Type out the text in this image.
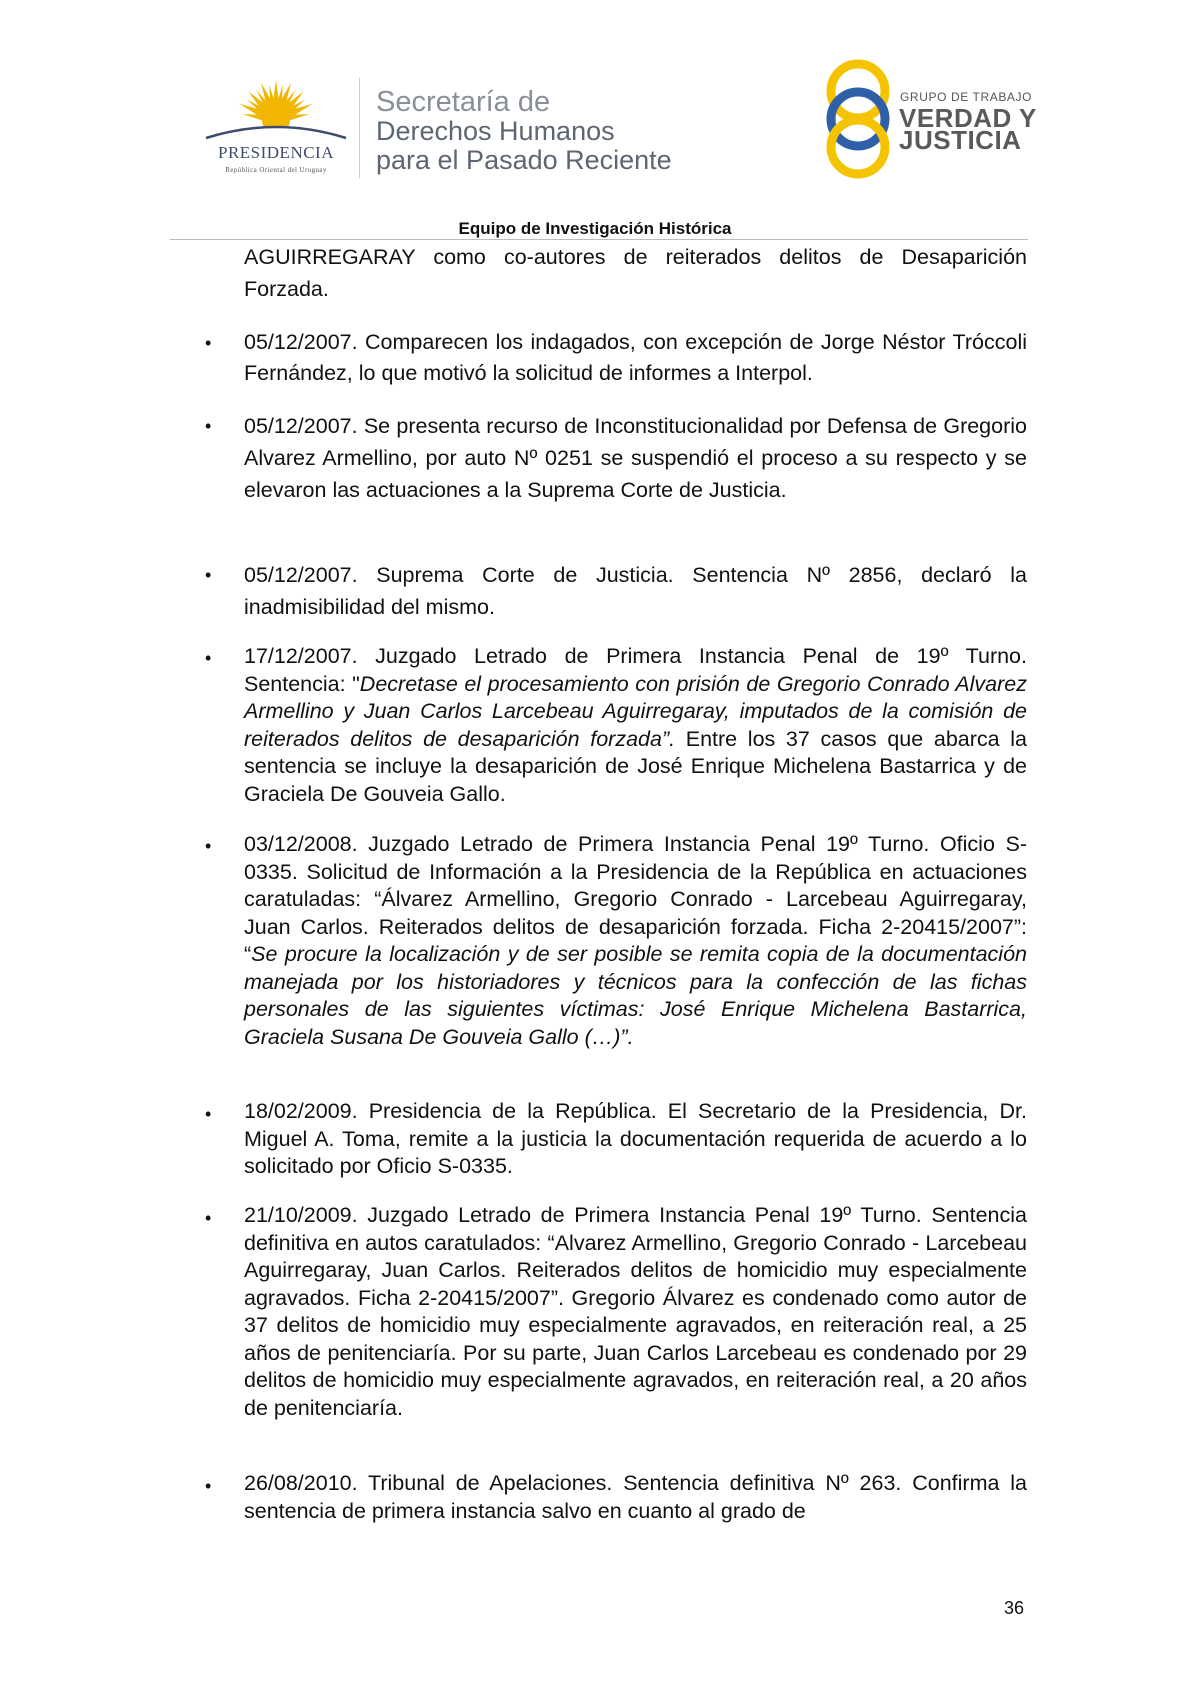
PRESIDENCIA
República Oriental del Uruguay
Secretaría de
Derechos Humanos
para el Pasado Reciente
GRUPO DE TRABAJO
VERDAD Y
JUSTICIA
Equipo de Investigación Histórica
AGUIRREGARAY como co-autores de reiterados delitos de Desaparición Forzada.
• 05/12/2007. Comparecen los indagados, con excepción de Jorge Néstor Tróccoli Fernández, lo que motivó la solicitud de informes a Interpol.
• 05/12/2007. Se presenta recurso de Inconstitucionalidad por Defensa de Gregorio Alvarez Armellino, por auto Nº 0251 se suspendió el proceso a su respecto y se elevaron las actuaciones a la Suprema Corte de Justicia.
• 05/12/2007. Suprema Corte de Justicia. Sentencia Nº 2856, declaró la inadmisibilidad del mismo.
• 17/12/2007. Juzgado Letrado de Primera Instancia Penal de 19º Turno. Sentencia: "Decretase el procesamiento con prisión de Gregorio Conrado Alvarez Armellino y Juan Carlos Larcebeau Aguirregaray, imputados de la comisión de reiterados delitos de desaparición forzada”. Entre los 37 casos que abarca la sentencia se incluye la desaparición de José Enrique Michelena Bastarrica y de Graciela De Gouveia Gallo.
• 03/12/2008. Juzgado Letrado de Primera Instancia Penal 19º Turno. Oficio S-0335. Solicitud de Información a la Presidencia de la República en actuaciones caratuladas: “Álvarez Armellino, Gregorio Conrado - Larcebeau Aguirregaray, Juan Carlos. Reiterados delitos de desaparición forzada. Ficha 2-20415/2007”: “Se procure la localización y de ser posible se remita copia de la documentación manejada por los historiadores y técnicos para la confección de las fichas personales de las siguientes víctimas: José Enrique Michelena Bastarrica, Graciela Susana De Gouveia Gallo (…)”.
• 18/02/2009. Presidencia de la República. El Secretario de la Presidencia, Dr. Miguel A. Toma, remite a la justicia la documentación requerida de acuerdo a lo solicitado por Oficio S-0335.
• 21/10/2009. Juzgado Letrado de Primera Instancia Penal 19º Turno. Sentencia definitiva en autos caratulados: “Alvarez Armellino, Gregorio Conrado - Larcebeau Aguirregaray, Juan Carlos. Reiterados delitos de homicidio muy especialmente agravados. Ficha 2-20415/2007”. Gregorio Álvarez es condenado como autor de 37 delitos de homicidio muy especialmente agravados, en reiteración real, a 25 años de penitenciaría. Por su parte, Juan Carlos Larcebeau es condenado por 29 delitos de homicidio muy especialmente agravados, en reiteración real, a 20 años de penitenciaría.
• 26/08/2010. Tribunal de Apelaciones. Sentencia definitiva Nº 263. Confirma la sentencia de primera instancia salvo en cuanto al grado de
36
